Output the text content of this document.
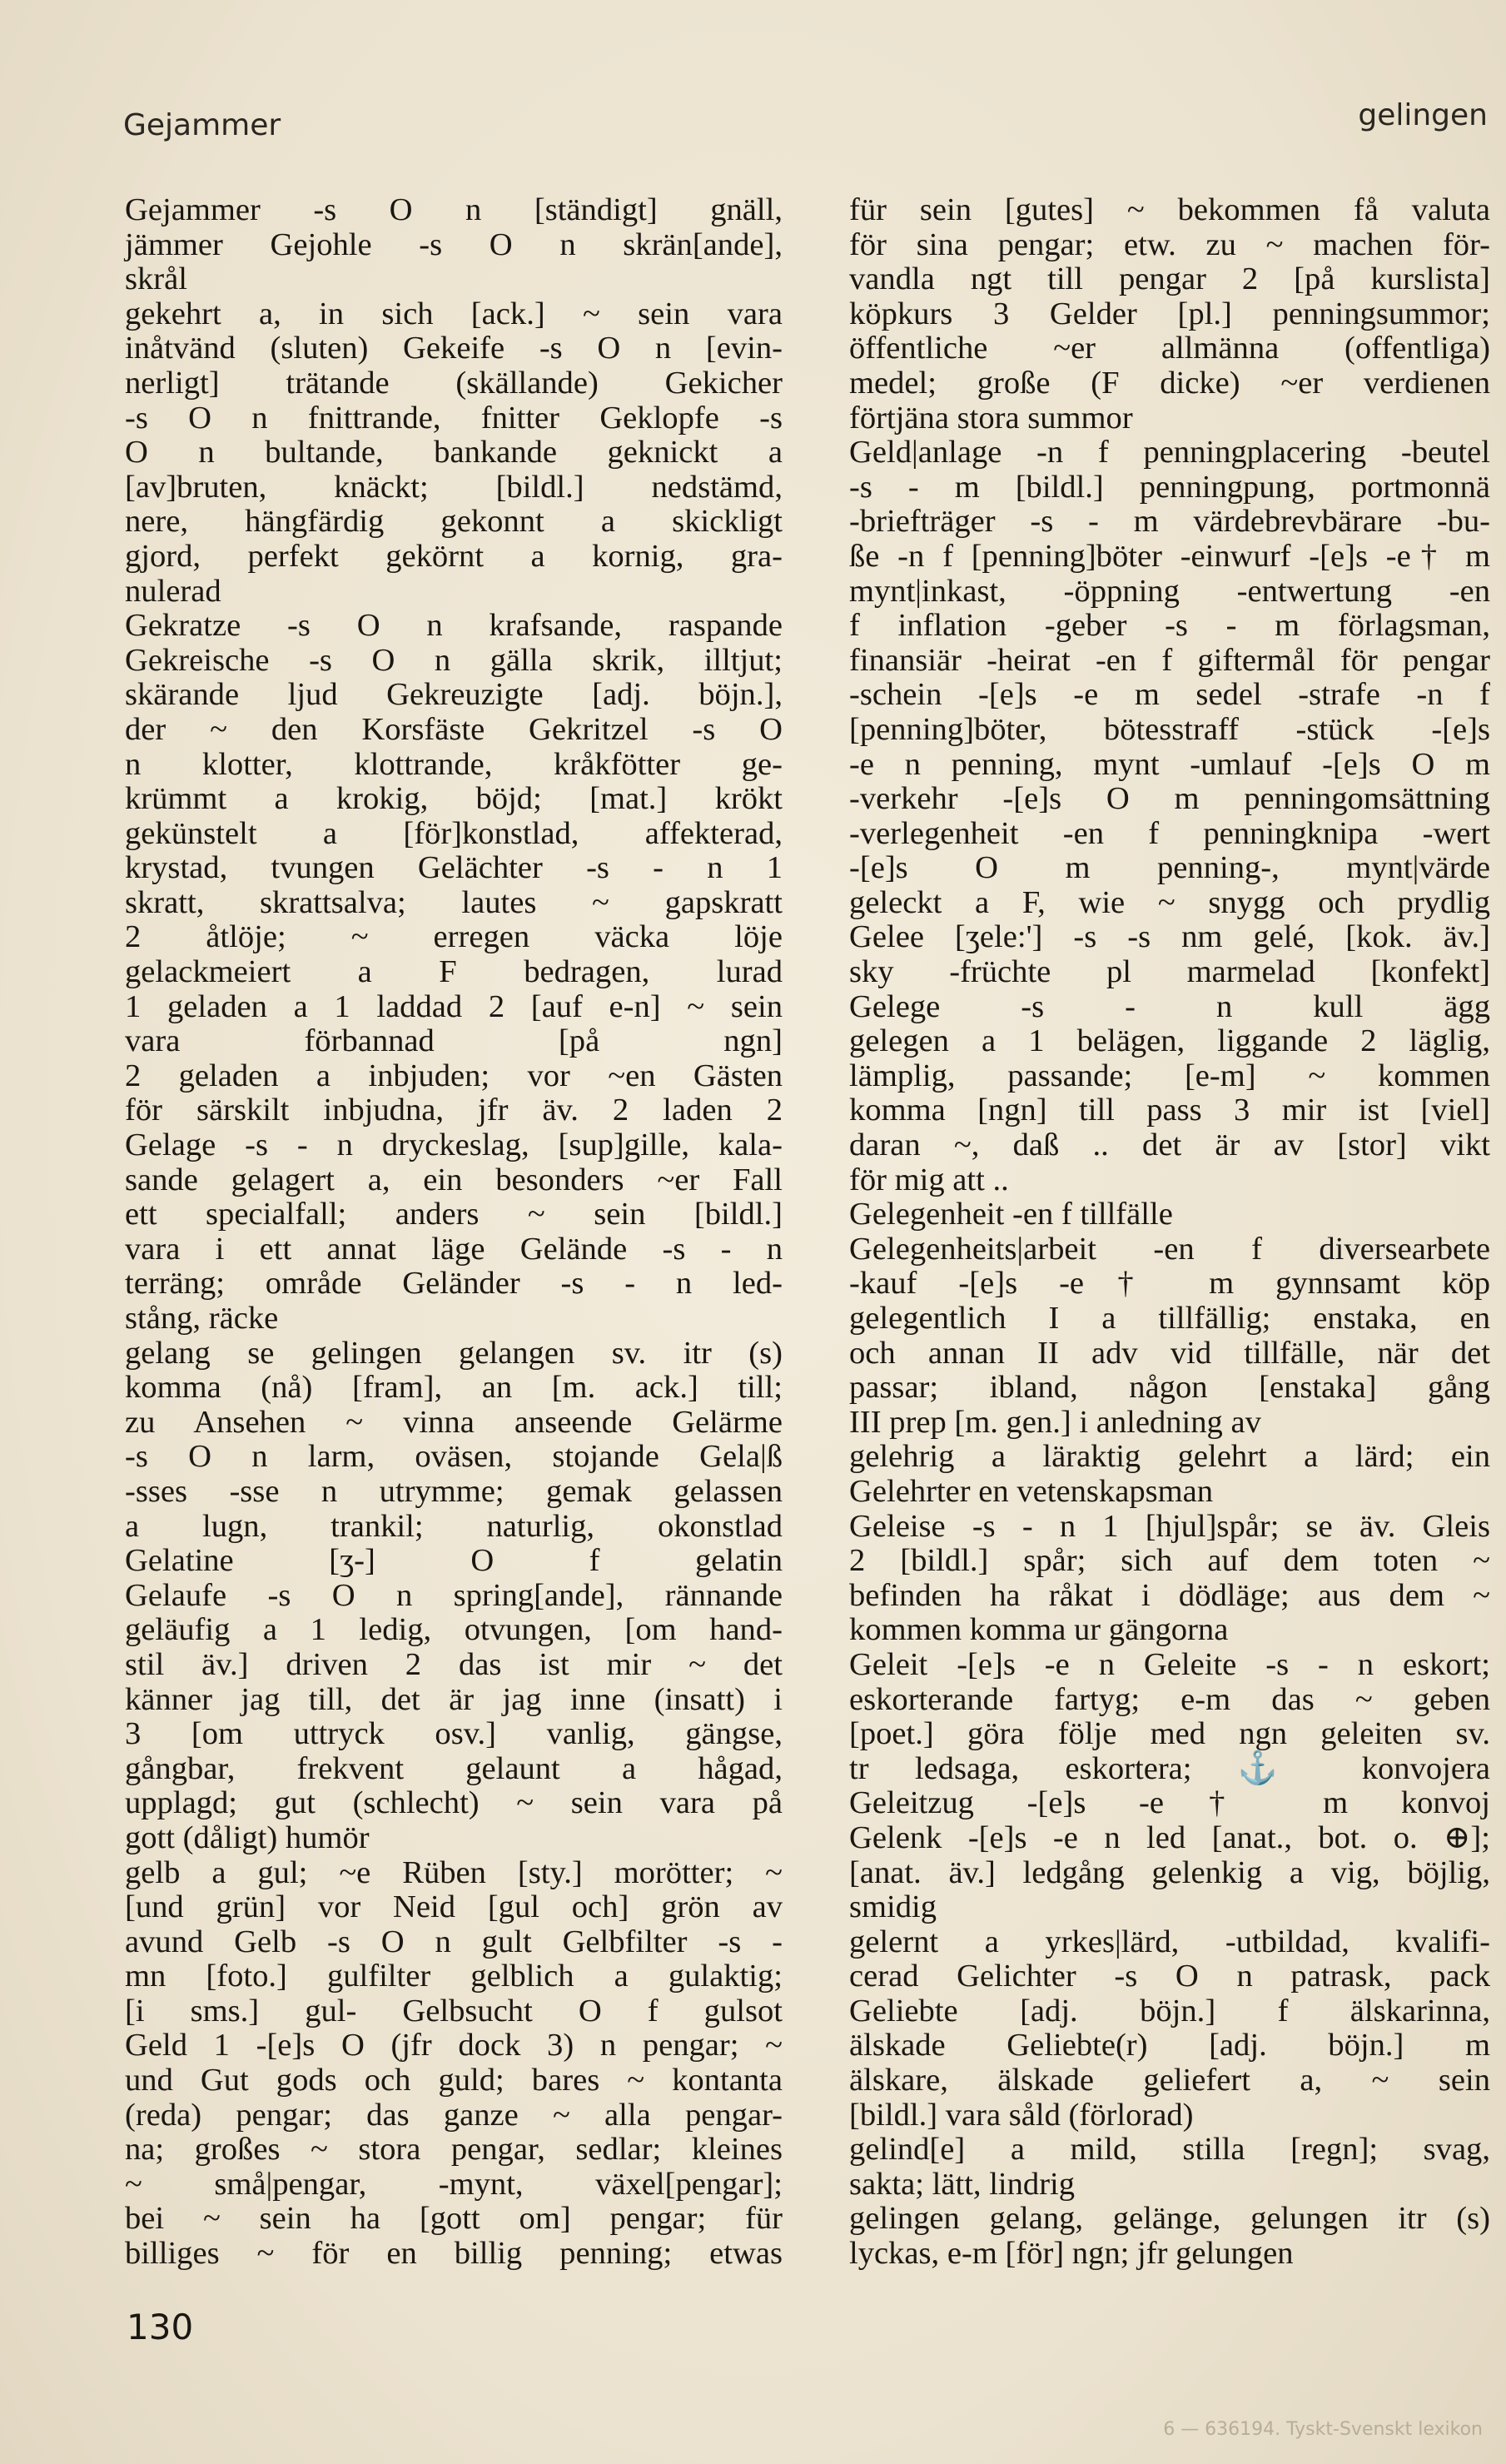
Gejammer	gelingen
Gejammer -s O n [ständigt] gnäll,
jämmer Gejohle -s O n skrän[ande],
skrål
gekehrt a, in sich [ack.] ~ sein vara
inåtvänd (sluten) Gekeife -s O n [evin-
nerligt] trätande (skällande) Gekicher
-s O n fnittrande, fnitter Geklopfe -s
O n bultande, bankande geknickt a
[av]bruten, knäckt; [bildl.] nedstämd,
nere, hängfärdig gekonnt a skickligt
gjord, perfekt gekörnt a kornig, gra-
nulerad
Gekratze -s O n krafsande, raspande
Gekreische -s O n gälla skrik, illtjut;
skärande ljud Gekreuzigte [adj. böjn.],
der ~ den Korsfäste Gekritzel -s O
n klotter, klottrande, kråkfötter ge-
krümmt a krokig, böjd; [mat.] krökt
gekünstelt a [för]konstlad, affekterad,
krystad, tvungen Gelächter -s - n 1
skratt, skrattsalva; lautes ~ gapskratt
2 åtlöje; ~ erregen väcka löje
gelackmeiert a F bedragen, lurad
1 geladen a 1 laddad 2 [auf e-n] ~ sein
vara förbannad [på ngn]
2 geladen a inbjuden; vor ~en Gästen
för särskilt inbjudna, jfr äv. 2 laden 2
Gelage -s - n dryckeslag, [sup]gille, kala-
sande gelagert a, ein besonders ~er Fall
ett specialfall; anders ~ sein [bildl.]
vara i ett annat läge Gelände -s - n
terräng; område Geländer -s - n led-
stång, räcke
gelang se gelingen gelangen sv. itr (s)
komma (nå) [fram], an [m. ack.] till;
zu Ansehen ~ vinna anseende Gelärme
-s O n larm, oväsen, stojande Gela|ß
-sses -sse n utrymme; gemak gelassen
a lugn, trankil; naturlig, okonstlad
Gelatine [ʒ-] O f gelatin
Gelaufe -s O n spring[ande], rännande
geläufig a 1 ledig, otvungen, [om hand-
stil äv.] driven 2 das ist mir ~ det
känner jag till, det är jag inne (insatt) i
3 [om uttryck osv.] vanlig, gängse,
gångbar, frekvent gelaunt a hågad,
upplagd; gut (schlecht) ~ sein vara på
gott (dåligt) humör
gelb a gul; ~e Rüben [sty.] morötter; ~
[und grün] vor Neid [gul och] grön av
avund Gelb -s O n gult Gelbfilter -s -
mn [foto.] gulfilter gelblich a gulaktig;
[i sms.] gul- Gelbsucht O f gulsot
Geld 1 -[e]s O (jfr dock 3) n pengar; ~
und Gut gods och guld; bares ~ kontanta
(reda) pengar; das ganze ~ alla pengar-
na; großes ~ stora pengar, sedlar; kleines
~ små|pengar, -mynt, växel[pengar];
bei ~ sein ha [gott om] pengar; für
billiges ~ för en billig penning; etwas
für sein [gutes] ~ bekommen få valuta
för sina pengar; etw. zu ~ machen för-
vandla ngt till pengar 2 [på kurslista]
köpkurs 3 Gelder [pl.] penningsummor;
öffentliche ~er allmänna (offentliga)
medel; große (F dicke) ~er verdienen
förtjäna stora summor
Geld|anlage -n f penningplacering -beutel
-s - m [bildl.] penningpung, portmonnä
-briefträger -s - m värdebrevbärare -bu-
ße -n f [penning]böter -einwurf -[e]s -e† m
mynt|inkast, -öppning -entwertung -en
f inflation -geber -s - m förlagsman,
finansiär -heirat -en f giftermål för pengar
-schein -[e]s -e m sedel -strafe -n f
[penning]böter, bötesstraff -stück -[e]s
-e n penning, mynt -umlauf -[e]s O m
-verkehr -[e]s O m penningomsättning
-verlegenheit -en f penningknipa -wert
-[e]s O m penning-, mynt|värde
geleckt a F, wie ~ snygg och prydlig
Gelee [ʒele:'] -s -s nm gelé, [kok. äv.]
sky -früchte pl marmelad [konfekt]
Gelege -s - n kull ägg
gelegen a 1 belägen, liggande 2 läglig,
lämplig, passande; [e-m] ~ kommen
komma [ngn] till pass 3 mir ist [viel]
daran ~, daß .. det är av [stor] vikt
för mig att ..
Gelegenheit -en f tillfälle
Gelegenheits|arbeit -en f diversearbete
-kauf -[e]s -e† m gynnsamt köp
gelegentlich I a tillfällig; enstaka, en
och annan II adv vid tillfälle, när det
passar; ibland, någon [enstaka] gång
III prep [m. gen.] i anledning av
gelehrig a läraktig gelehrt a lärd; ein
Gelehrter en vetenskapsman
Geleise -s - n 1 [hjul]spår; se äv. Gleis
2 [bildl.] spår; sich auf dem toten ~
befinden ha råkat i dödläge; aus dem ~
kommen komma ur gängorna
Geleit -[e]s -e n Geleite -s - n eskort;
eskorterande fartyg; e-m das ~ geben
[poet.] göra följe med ngn geleiten sv.
tr ledsaga, eskortera; ⚓ konvojera
Geleitzug -[e]s -e† m konvoj
Gelenk -[e]s -e n led [anat., bot. o. ⊕];
[anat. äv.] ledgång gelenkig a vig, böjlig,
smidig
gelernt a yrkes|lärd, -utbildad, kvalifi-
cerad Gelichter -s O n patrask, pack
Geliebte [adj. böjn.] f älskarinna,
älskade Geliebte(r) [adj. böjn.] m
älskare, älskade geliefert a, ~ sein
[bildl.] vara såld (förlorad)
gelind[e] a mild, stilla [regn]; svag,
sakta; lätt, lindrig
gelingen gelang, gelänge, gelungen itr (s)
lyckas, e-m [för] ngn; jfr gelungen
130
6 — 636194. Tyskt-Svenskt lexikon
